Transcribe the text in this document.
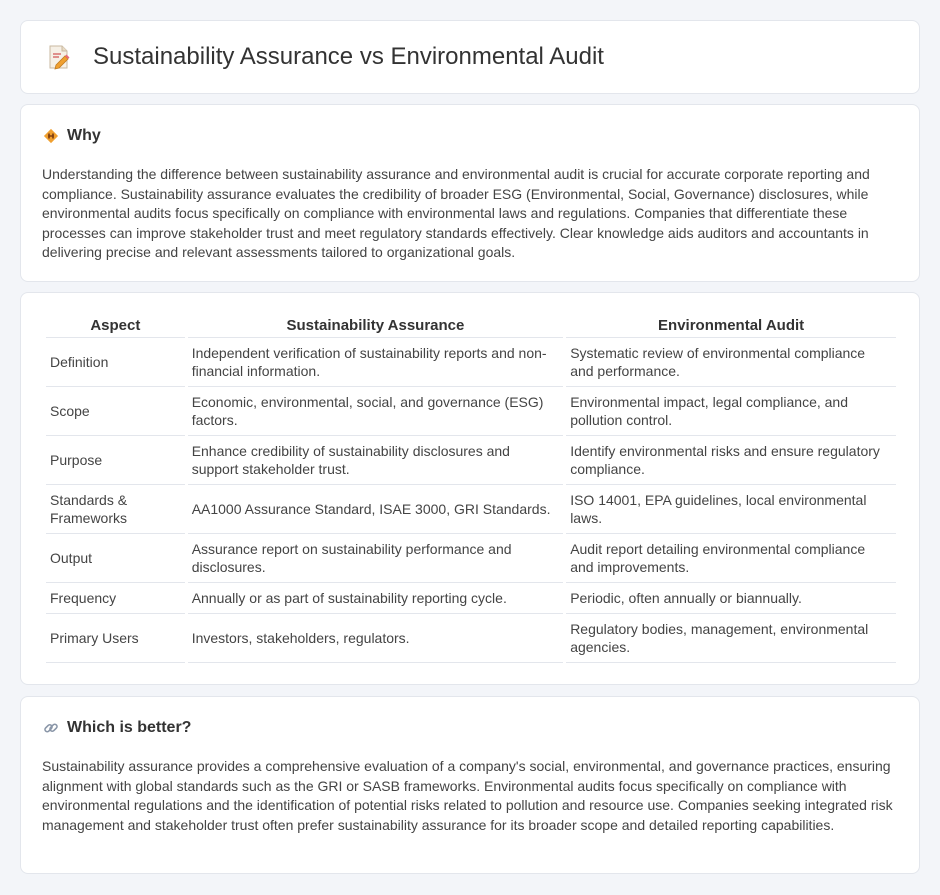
Sustainability Assurance vs Environmental Audit
Why

Understanding the difference between sustainability assurance and environmental audit is crucial for accurate corporate reporting and compliance. Sustainability assurance evaluates the credibility of broader ESG (Environmental, Social, Governance) disclosures, while environmental audits focus specifically on compliance with environmental laws and regulations. Companies that differentiate these processes can improve stakeholder trust and meet regulatory standards effectively. Clear knowledge aids auditors and accountants in delivering precise and relevant assessments tailored to organizational goals.

Aspect	Sustainability Assurance	Environmental Audit
Definition	Independent verification of sustainability reports and non-financial information.	Systematic review of environmental compliance and performance.
Scope	Economic, environmental, social, and governance (ESG) factors.	Environmental impact, legal compliance, and pollution control.
Purpose	Enhance credibility of sustainability disclosures and support stakeholder trust.	Identify environmental risks and ensure regulatory compliance.
Standards & Frameworks	AA1000 Assurance Standard, ISAE 3000, GRI Standards.	ISO 14001, EPA guidelines, local environmental laws.
Output	Assurance report on sustainability performance and disclosures.	Audit report detailing environmental compliance and improvements.
Frequency	Annually or as part of sustainability reporting cycle.	Periodic, often annually or biannually.
Primary Users	Investors, stakeholders, regulators.	Regulatory bodies, management, environmental agencies.
Which is better?

Sustainability assurance provides a comprehensive evaluation of a company's social, environmental, and governance practices, ensuring alignment with global standards such as the GRI or SASB frameworks. Environmental audits focus specifically on compliance with environmental regulations and the identification of potential risks related to pollution and resource use. Companies seeking integrated risk management and stakeholder trust often prefer sustainability assurance for its broader scope and detailed reporting capabilities.
